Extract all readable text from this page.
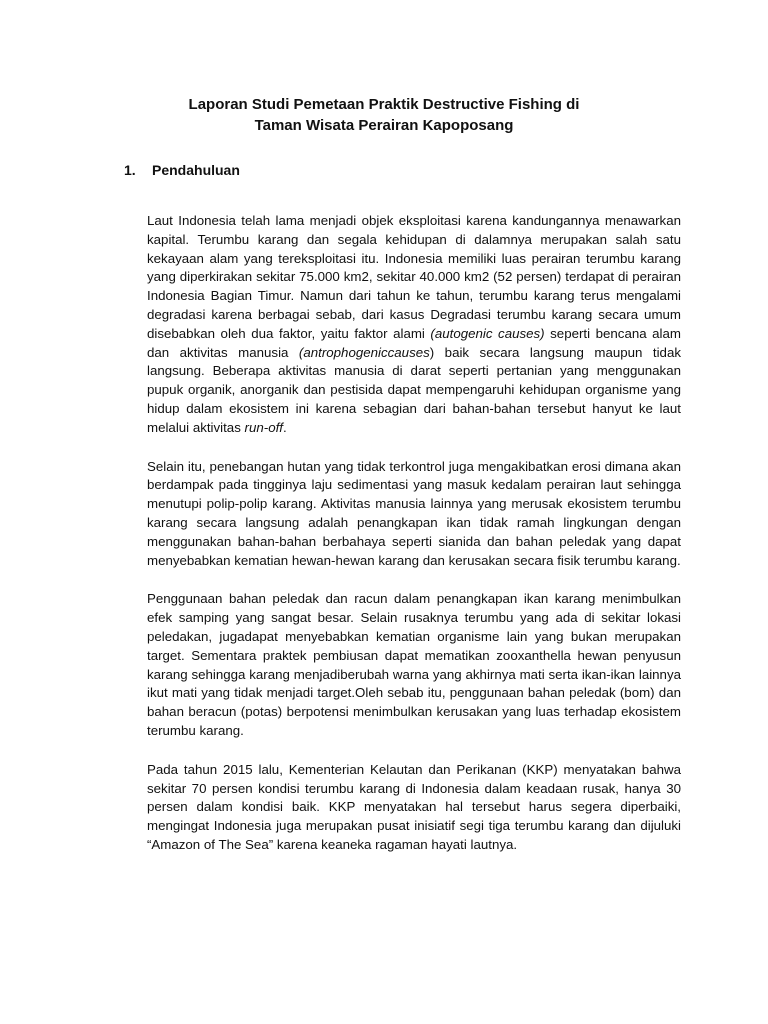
Laporan Studi Pemetaan Praktik Destructive Fishing di
Taman Wisata Perairan Kapoposang
1. Pendahuluan

Laut Indonesia telah lama menjadi objek eksploitasi karena kandungannya menawarkan kapital. Terumbu karang dan segala kehidupan di dalamnya merupakan salah satu kekayaan alam yang tereksploitasi itu. Indonesia memiliki luas perairan terumbu karang yang diperkirakan sekitar 75.000 km2, sekitar 40.000 km2 (52 persen) terdapat di perairan Indonesia Bagian Timur. Namun dari tahun ke tahun, terumbu karang terus mengalami degradasi karena berbagai sebab, dari kasus Degradasi terumbu karang secara umum disebabkan oleh dua faktor, yaitu faktor alami (autogenic causes) seperti bencana alam dan aktivitas manusia (antrophogeniccauses) baik secara langsung maupun tidak langsung. Beberapa aktivitas manusia di darat seperti pertanian yang menggunakan pupuk organik, anorganik dan pestisida dapat mempengaruhi kehidupan organisme yang hidup dalam ekosistem ini karena sebagian dari bahan-bahan tersebut hanyut ke laut melalui aktivitas run-off.

Selain itu, penebangan hutan yang tidak terkontrol juga mengakibatkan erosi dimana akan berdampak pada tingginya laju sedimentasi yang masuk kedalam perairan laut sehingga menutupi polip-polip karang. Aktivitas manusia lainnya yang merusak ekosistem terumbu karang secara langsung adalah penangkapan ikan tidak ramah lingkungan dengan menggunakan bahan-bahan berbahaya seperti sianida dan bahan peledak yang dapat menyebabkan kematian hewan-hewan karang dan kerusakan secara fisik terumbu karang.

Penggunaan bahan peledak dan racun dalam penangkapan ikan karang menimbulkan efek samping yang sangat besar. Selain rusaknya terumbu yang ada di sekitar lokasi peledakan, jugadapat menyebabkan kematian organisme lain yang bukan merupakan target. Sementara praktek pembiusan dapat mematikan zooxanthella hewan penyusun karang sehingga karang menjadiberubah warna yang akhirnya mati serta ikan-ikan lainnya ikut mati yang tidak menjadi target.Oleh sebab itu, penggunaan bahan peledak (bom) dan bahan beracun (potas) berpotensi menimbulkan kerusakan yang luas terhadap ekosistem terumbu karang.

Pada tahun 2015 lalu, Kementerian Kelautan dan Perikanan (KKP) menyatakan bahwa sekitar 70 persen kondisi terumbu karang di Indonesia dalam keadaan rusak, hanya 30 persen dalam kondisi baik. KKP menyatakan hal tersebut harus segera diperbaiki, mengingat Indonesia juga merupakan pusat inisiatif segi tiga terumbu karang dan dijuluki “Amazon of The Sea” karena keaneka ragaman hayati lautnya.
